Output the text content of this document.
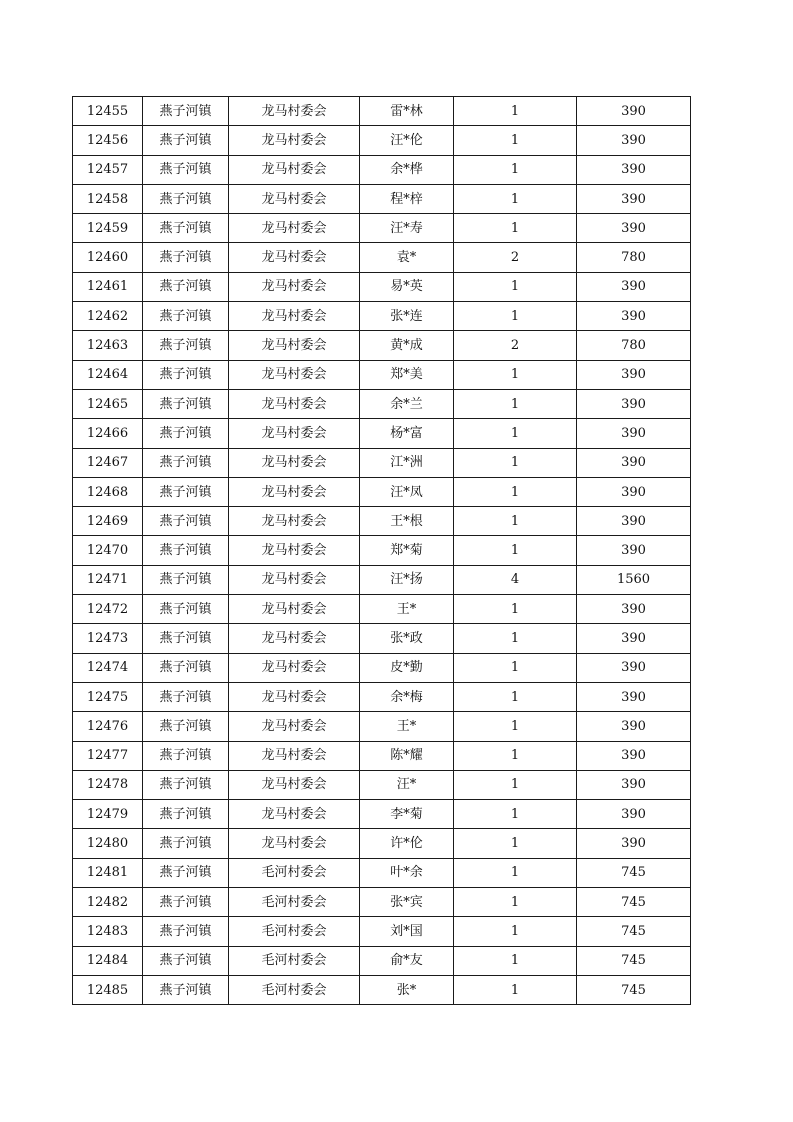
12455	燕子河镇	龙马村委会	雷*林	1	390
12456	燕子河镇	龙马村委会	汪*伦	1	390
12457	燕子河镇	龙马村委会	余*桦	1	390
12458	燕子河镇	龙马村委会	程*梓	1	390
12459	燕子河镇	龙马村委会	汪*寿	1	390
12460	燕子河镇	龙马村委会	袁*	2	780
12461	燕子河镇	龙马村委会	易*英	1	390
12462	燕子河镇	龙马村委会	张*连	1	390
12463	燕子河镇	龙马村委会	黄*成	2	780
12464	燕子河镇	龙马村委会	郑*美	1	390
12465	燕子河镇	龙马村委会	余*兰	1	390
12466	燕子河镇	龙马村委会	杨*富	1	390
12467	燕子河镇	龙马村委会	江*洲	1	390
12468	燕子河镇	龙马村委会	汪*凤	1	390
12469	燕子河镇	龙马村委会	王*根	1	390
12470	燕子河镇	龙马村委会	郑*菊	1	390
12471	燕子河镇	龙马村委会	汪*扬	4	1560
12472	燕子河镇	龙马村委会	王*	1	390
12473	燕子河镇	龙马村委会	张*政	1	390
12474	燕子河镇	龙马村委会	皮*勤	1	390
12475	燕子河镇	龙马村委会	余*梅	1	390
12476	燕子河镇	龙马村委会	王*	1	390
12477	燕子河镇	龙马村委会	陈*耀	1	390
12478	燕子河镇	龙马村委会	汪*	1	390
12479	燕子河镇	龙马村委会	李*菊	1	390
12480	燕子河镇	龙马村委会	许*伦	1	390
12481	燕子河镇	毛河村委会	叶*余	1	745
12482	燕子河镇	毛河村委会	张*宾	1	745
12483	燕子河镇	毛河村委会	刘*国	1	745
12484	燕子河镇	毛河村委会	俞*友	1	745
12485	燕子河镇	毛河村委会	张*	1	745
